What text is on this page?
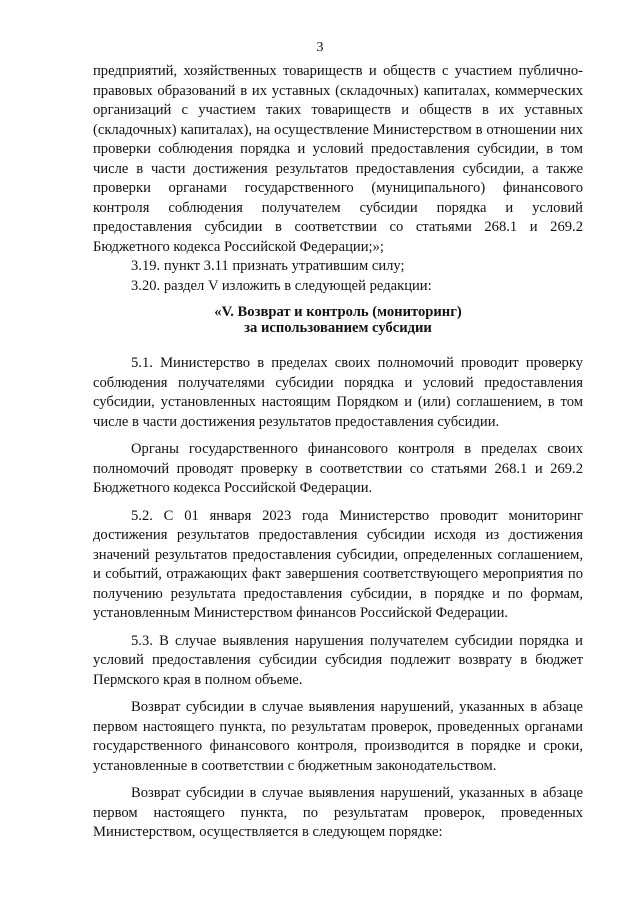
3

предприятий, хозяйственных товариществ и обществ с участием публично-правовых образований в их уставных (складочных) капиталах, коммерческих организаций с участием таких товариществ и обществ в их уставных (складочных) капиталах), на осуществление Министерством в отношении них проверки соблюдения порядка и условий предоставления субсидии, в том числе в части достижения результатов предоставления субсидии, а также проверки органами государственного (муниципального) финансового контроля соблюдения получателем субсидии порядка и условий предоставления субсидии в соответствии со статьями 268.1 и 269.2 Бюджетного кодекса Российской Федерации;»;

3.19. пункт 3.11 признать утратившим силу;

3.20. раздел V изложить в следующей редакции:

«V. Возврат и контроль (мониторинг)
за использованием субсидии

5.1. Министерство в пределах своих полномочий проводит проверку соблюдения получателями субсидии порядка и условий предоставления субсидии, установленных настоящим Порядком и (или) соглашением, в том числе в части достижения результатов предоставления субсидии.

Органы государственного финансового контроля в пределах своих полномочий проводят проверку в соответствии со статьями 268.1 и 269.2 Бюджетного кодекса Российской Федерации.

5.2. С 01 января 2023 года Министерство проводит мониторинг достижения результатов предоставления субсидии исходя из достижения значений результатов предоставления субсидии, определенных соглашением, и событий, отражающих факт завершения соответствующего мероприятия по получению результата предоставления субсидии, в порядке и по формам, установленным Министерством финансов Российской Федерации.

5.3. В случае выявления нарушения получателем субсидии порядка и условий предоставления субсидии субсидия подлежит возврату в бюджет Пермского края в полном объеме.

Возврат субсидии в случае выявления нарушений, указанных в абзаце первом настоящего пункта, по результатам проверок, проведенных органами государственного финансового контроля, производится в порядке и сроки, установленные в соответствии с бюджетным законодательством.

Возврат субсидии в случае выявления нарушений, указанных в абзаце первом настоящего пункта, по результатам проверок, проведенных Министерством, осуществляется в следующем порядке:
